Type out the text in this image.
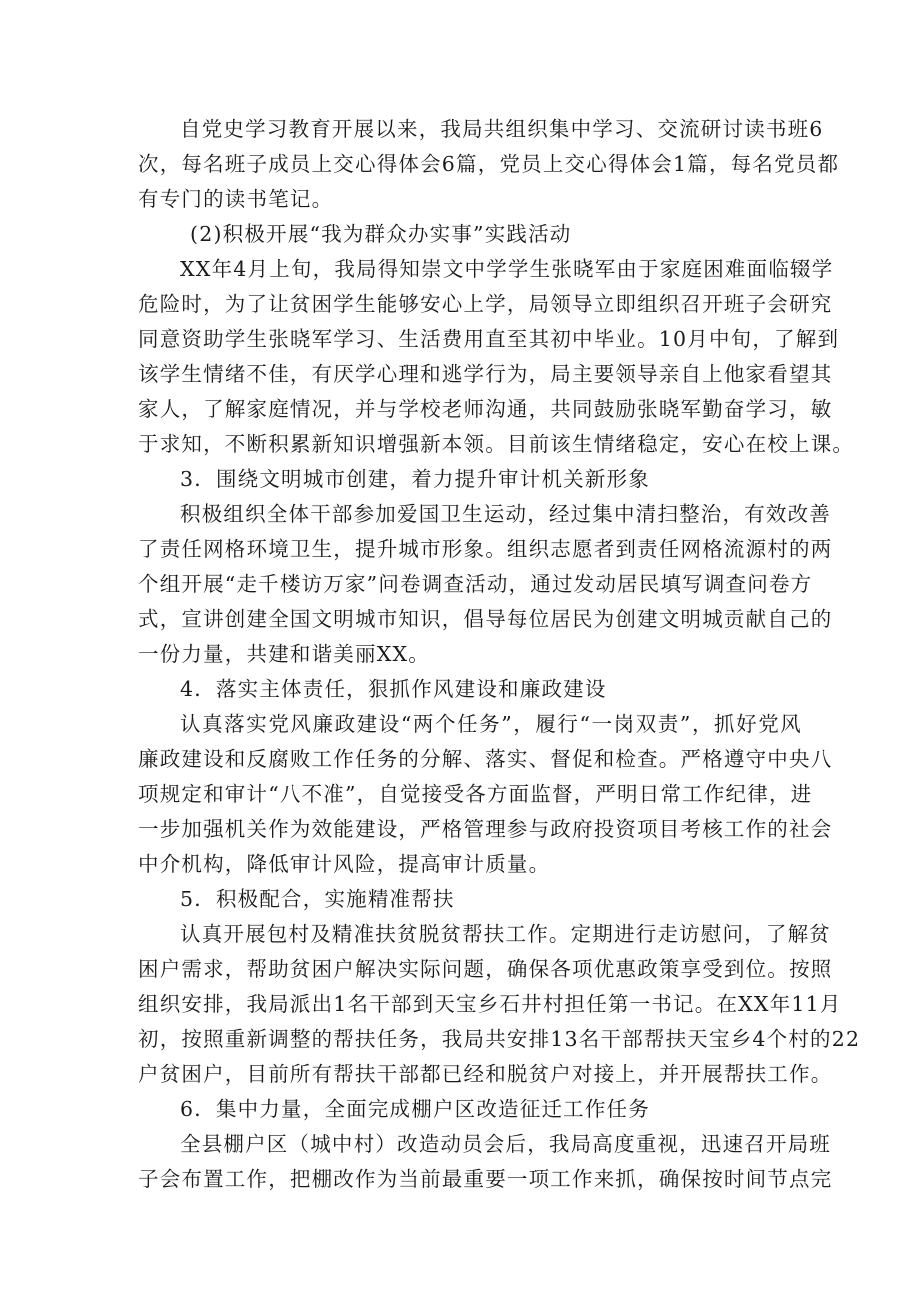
自党史学习教育开展以来，我局共组织集中学习、交流研讨读书班6
次，每名班子成员上交心得体会6篇，党员上交心得体会1篇，每名党员都
有专门的读书笔记。
(2)积极开展“我为群众办实事”实践活动
XX年4月上旬，我局得知崇文中学学生张晓军由于家庭困难面临辍学
危险时，为了让贫困学生能够安心上学，局领导立即组织召开班子会研究
同意资助学生张晓军学习、生活费用直至其初中毕业。10月中旬，了解到
该学生情绪不佳，有厌学心理和逃学行为，局主要领导亲自上他家看望其
家人，了解家庭情况，并与学校老师沟通，共同鼓励张晓军勤奋学习，敏
于求知，不断积累新知识增强新本领。目前该生情绪稳定，安心在校上课。
3．围绕文明城市创建，着力提升审计机关新形象
积极组织全体干部参加爱国卫生运动，经过集中清扫整治，有效改善
了责任网格环境卫生，提升城市形象。组织志愿者到责任网格流源村的两
个组开展“走千楼访万家”问卷调查活动，通过发动居民填写调查问卷方
式，宣讲创建全国文明城市知识，倡导每位居民为创建文明城贡献自己的
一份力量，共建和谐美丽XX。
4．落实主体责任，狠抓作风建设和廉政建设
认真落实党风廉政建设“两个任务”，履行“一岗双责”，抓好党风
廉政建设和反腐败工作任务的分解、落实、督促和检查。严格遵守中央八
项规定和审计“八不准”，自觉接受各方面监督，严明日常工作纪律，进
一步加强机关作为效能建设，严格管理参与政府投资项目考核工作的社会
中介机构，降低审计风险，提高审计质量。
5．积极配合，实施精准帮扶
认真开展包村及精准扶贫脱贫帮扶工作。定期进行走访慰问，了解贫
困户需求，帮助贫困户解决实际问题，确保各项优惠政策享受到位。按照
组织安排，我局派出1名干部到天宝乡石井村担任第一书记。在XX年11月
初，按照重新调整的帮扶任务，我局共安排13名干部帮扶天宝乡4个村的22
户贫困户，目前所有帮扶干部都已经和脱贫户对接上，并开展帮扶工作。
6．集中力量，全面完成棚户区改造征迁工作任务
全县棚户区（城中村）改造动员会后，我局高度重视，迅速召开局班
子会布置工作，把棚改作为当前最重要一项工作来抓，确保按时间节点完
